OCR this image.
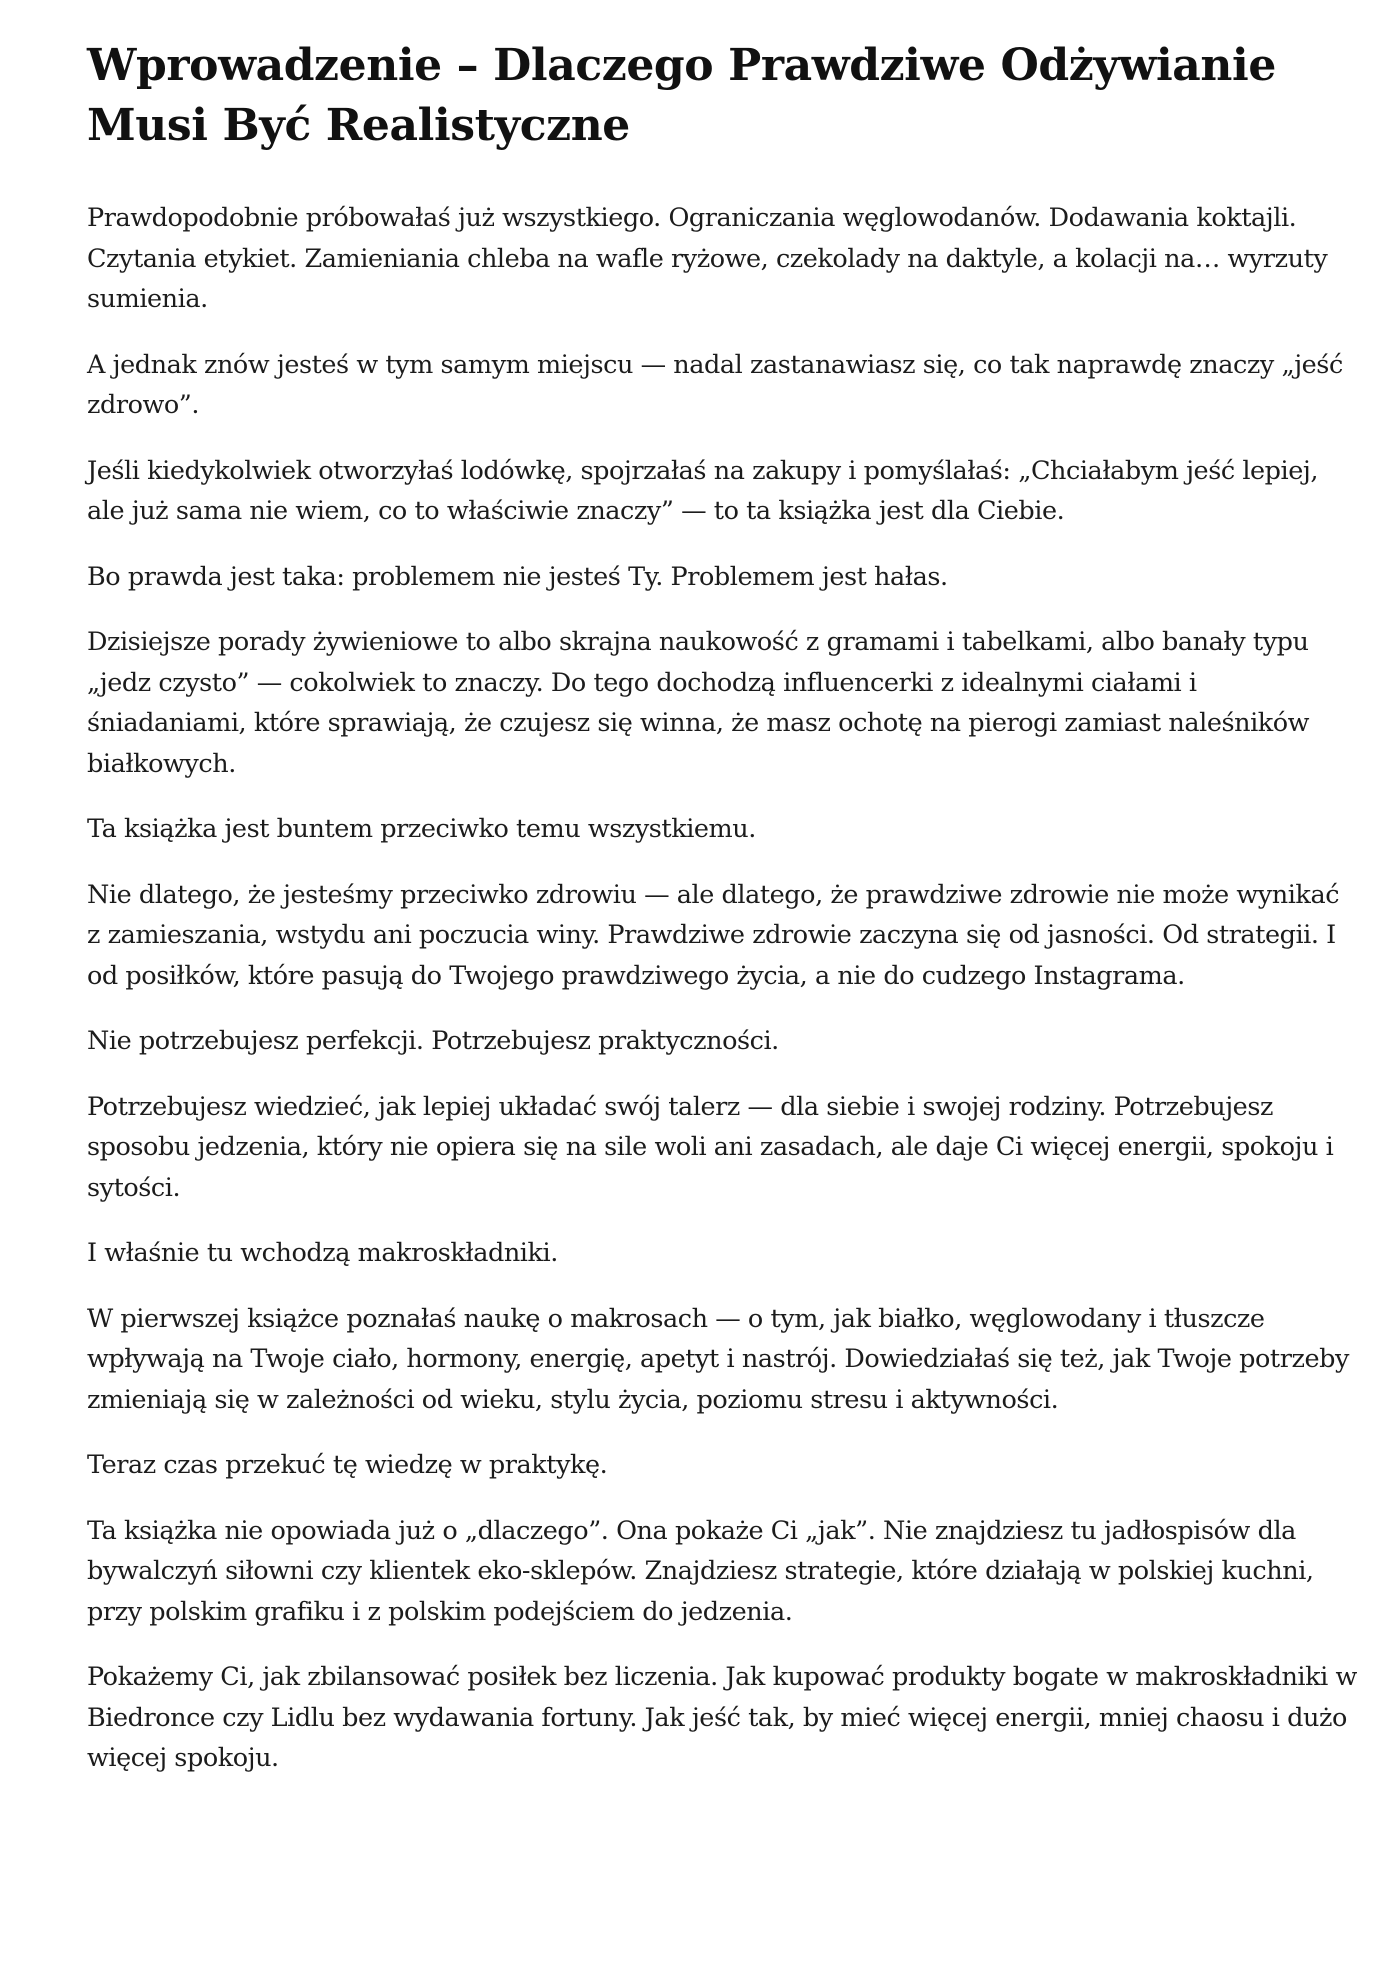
Wprowadzenie – Dlaczego Prawdziwe Odżywianie Musi Być Realistyczne

Prawdopodobnie próbowałaś już wszystkiego. Ograniczania węglowodanów. Dodawania koktajli. Czytania etykiet. Zamieniania chleba na wafle ryżowe, czekolady na daktyle, a kolacji na… wyrzuty sumienia.

A jednak znów jesteś w tym samym miejscu — nadal zastanawiasz się, co tak naprawdę znaczy „jeść zdrowo”.

Jeśli kiedykolwiek otworzyłaś lodówkę, spojrzałaś na zakupy i pomyślałaś: „Chciałabym jeść lepiej, ale już sama nie wiem, co to właściwie znaczy” — to ta książka jest dla Ciebie.

Bo prawda jest taka: problemem nie jesteś Ty. Problemem jest hałas.

Dzisiejsze porady żywieniowe to albo skrajna naukowość z gramami i tabelkami, albo banały typu „jedz czysto” — cokolwiek to znaczy. Do tego dochodzą influencerki z idealnymi ciałami i śniadaniami, które sprawiają, że czujesz się winna, że masz ochotę na pierogi zamiast naleśników białkowych.

Ta książka jest buntem przeciwko temu wszystkiemu.

Nie dlatego, że jesteśmy przeciwko zdrowiu — ale dlatego, że prawdziwe zdrowie nie może wynikać z zamieszania, wstydu ani poczucia winy. Prawdziwe zdrowie zaczyna się od jasności. Od strategii. I od posiłków, które pasują do Twojego prawdziwego życia, a nie do cudzego Instagrama.

Nie potrzebujesz perfekcji. Potrzebujesz praktyczności.

Potrzebujesz wiedzieć, jak lepiej układać swój talerz — dla siebie i swojej rodziny. Potrzebujesz sposobu jedzenia, który nie opiera się na sile woli ani zasadach, ale daje Ci więcej energii, spokoju i sytości.

I właśnie tu wchodzą makroskładniki.

W pierwszej książce poznałaś naukę o makrosach — o tym, jak białko, węglowodany i tłuszcze wpływają na Twoje ciało, hormony, energię, apetyt i nastrój. Dowiedziałaś się też, jak Twoje potrzeby zmieniają się w zależności od wieku, stylu życia, poziomu stresu i aktywności.

Teraz czas przekuć tę wiedzę w praktykę.

Ta książka nie opowiada już o „dlaczego”. Ona pokaże Ci „jak”. Nie znajdziesz tu jadłospisów dla bywalczyń siłowni czy klientek eko-sklepów. Znajdziesz strategie, które działają w polskiej kuchni, przy polskim grafiku i z polskim podejściem do jedzenia.

Pokażemy Ci, jak zbilansować posiłek bez liczenia. Jak kupować produkty bogate w makroskładniki w Biedronce czy Lidlu bez wydawania fortuny. Jak jeść tak, by mieć więcej energii, mniej chaosu i dużo więcej spokoju.
